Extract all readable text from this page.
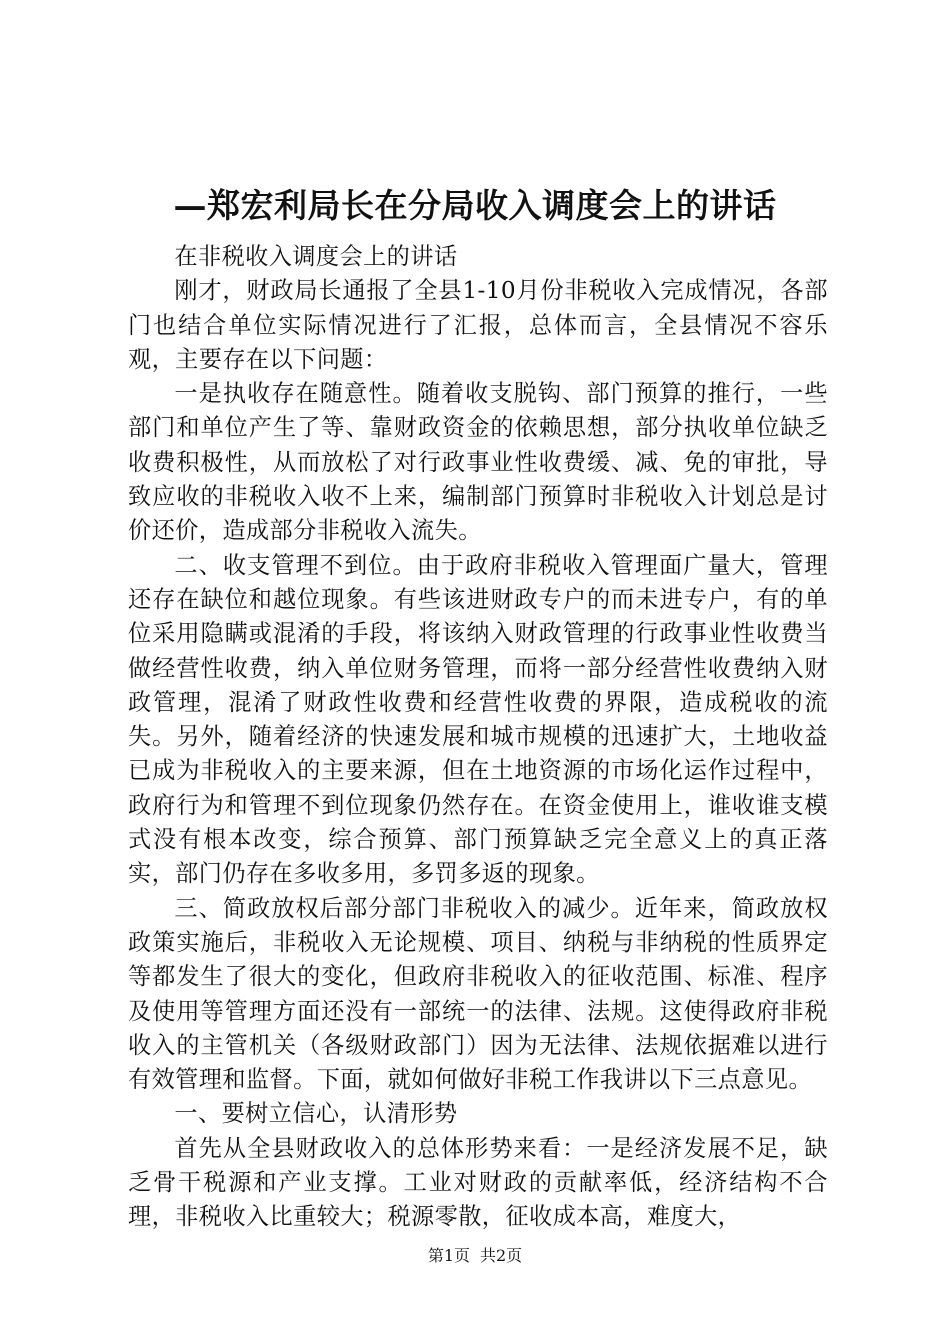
—郑宏利局长在分局收入调度会上的讲话

在非税收入调度会上的讲话

刚才，财政局长通报了全县1-10月份非税收入完成情况，各部门也结合单位实际情况进行了汇报，总体而言，全县情况不容乐观，主要存在以下问题：

一是执收存在随意性。随着收支脱钩、部门预算的推行，一些部门和单位产生了等、靠财政资金的依赖思想，部分执收单位缺乏收费积极性，从而放松了对行政事业性收费缓、减、免的审批，导致应收的非税收入收不上来，编制部门预算时非税收入计划总是讨价还价，造成部分非税收入流失。

二、收支管理不到位。由于政府非税收入管理面广量大，管理还存在缺位和越位现象。有些该进财政专户的而未进专户，有的单位采用隐瞒或混淆的手段，将该纳入财政管理的行政事业性收费当做经营性收费，纳入单位财务管理，而将一部分经营性收费纳入财政管理，混淆了财政性收费和经营性收费的界限，造成税收的流失。另外，随着经济的快速发展和城市规模的迅速扩大，土地收益已成为非税收入的主要来源，但在土地资源的市场化运作过程中，政府行为和管理不到位现象仍然存在。在资金使用上，谁收谁支模式没有根本改变，综合预算、部门预算缺乏完全意义上的真正落实，部门仍存在多收多用，多罚多返的现象。

三、简政放权后部分部门非税收入的减少。近年来，简政放权政策实施后，非税收入无论规模、项目、纳税与非纳税的性质界定等都发生了很大的变化，但政府非税收入的征收范围、标准、程序及使用等管理方面还没有一部统一的法律、法规。这使得政府非税收入的主管机关（各级财政部门）因为无法律、法规依据难以进行有效管理和监督。下面，就如何做好非税工作我讲以下三点意见。

一、要树立信心，认清形势

首先从全县财政收入的总体形势来看：一是经济发展不足，缺乏骨干税源和产业支撑。工业对财政的贡献率低，经济结构不合理，非税收入比重较大；税源零散，征收成本高，难度大，

第1页 共2页
